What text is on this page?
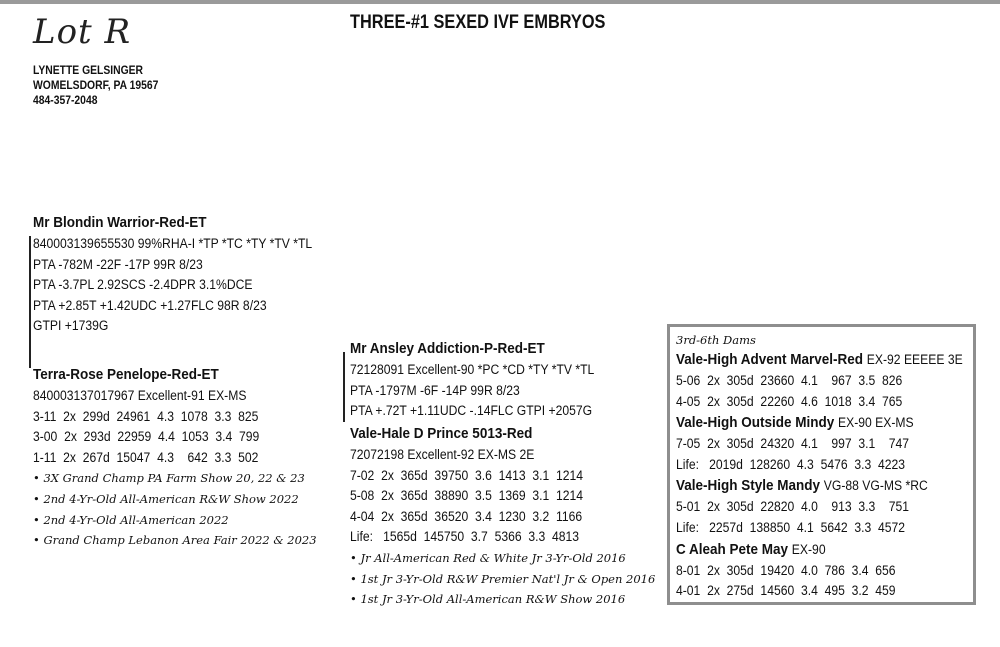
Lot R	THREE-#1 SEXED IVF EMBRYOS
LYNETTE GELSINGER
WOMELSDORF, PA 19567
484-357-2048
Mr Blondin Warrior-Red-ET
840003139655530 99%RHA-I *TP *TC *TY *TV *TL
PTA -782M -22F -17P 99R 8/23
PTA -3.7PL 2.92SCS -2.4DPR 3.1%DCE
PTA +2.85T +1.42UDC +1.27FLC 98R 8/23
GTPI +1739G
Terra-Rose Penelope-Red-ET
840003137017967 Excellent-91 EX-MS
3-11  2x  299d  24961  4.3  1078  3.3  825
3-00  2x  293d  22959  4.4  1053  3.4  799
1-11  2x  267d  15047  4.3    642  3.3  502
• 3X Grand Champ PA Farm Show 20, 22 & 23
• 2nd 4-Yr-Old All-American R&W Show 2022
• 2nd 4-Yr-Old All-American 2022
• Grand Champ Lebanon Area Fair 2022 & 2023
Mr Ansley Addiction-P-Red-ET
72128091 Excellent-90 *PC *CD *TY *TV *TL
PTA -1797M -6F -14P 99R 8/23
PTA +.72T +1.11UDC -.14FLC GTPI +2057G
Vale-Hale D Prince 5013-Red
72072198 Excellent-92 EX-MS 2E
7-02  2x  365d  39750  3.6  1413  3.1  1214
5-08  2x  365d  38890  3.5  1369  3.1  1214
4-04  2x  365d  36520  3.4  1230  3.2  1166
Life:   1565d  145750  3.7  5366  3.3  4813
• Jr All-American Red & White Jr 3-Yr-Old 2016
• 1st Jr 3-Yr-Old R&W Premier Nat'l Jr & Open 2016
• 1st Jr 3-Yr-Old All-American R&W Show 2016
3rd-6th Dams
Vale-High Advent Marvel-Red EX-92 EEEEE 3E
5-06  2x  305d  23660  4.1    967  3.5  826
4-05  2x  305d  22260  4.6  1018  3.4  765
Vale-High Outside Mindy EX-90 EX-MS
7-05  2x  305d  24320  4.1    997  3.1    747
Life:   2019d  128260  4.3  5476  3.3  4223
Vale-High Style Mandy VG-88 VG-MS *RC
5-01  2x  305d  22820  4.0    913  3.3    751
Life:   2257d  138850  4.1  5642  3.3  4572
C Aleah Pete May EX-90
8-01  2x  305d  19420  4.0  786  3.4  656
4-01  2x  275d  14560  3.4  495  3.2  459
